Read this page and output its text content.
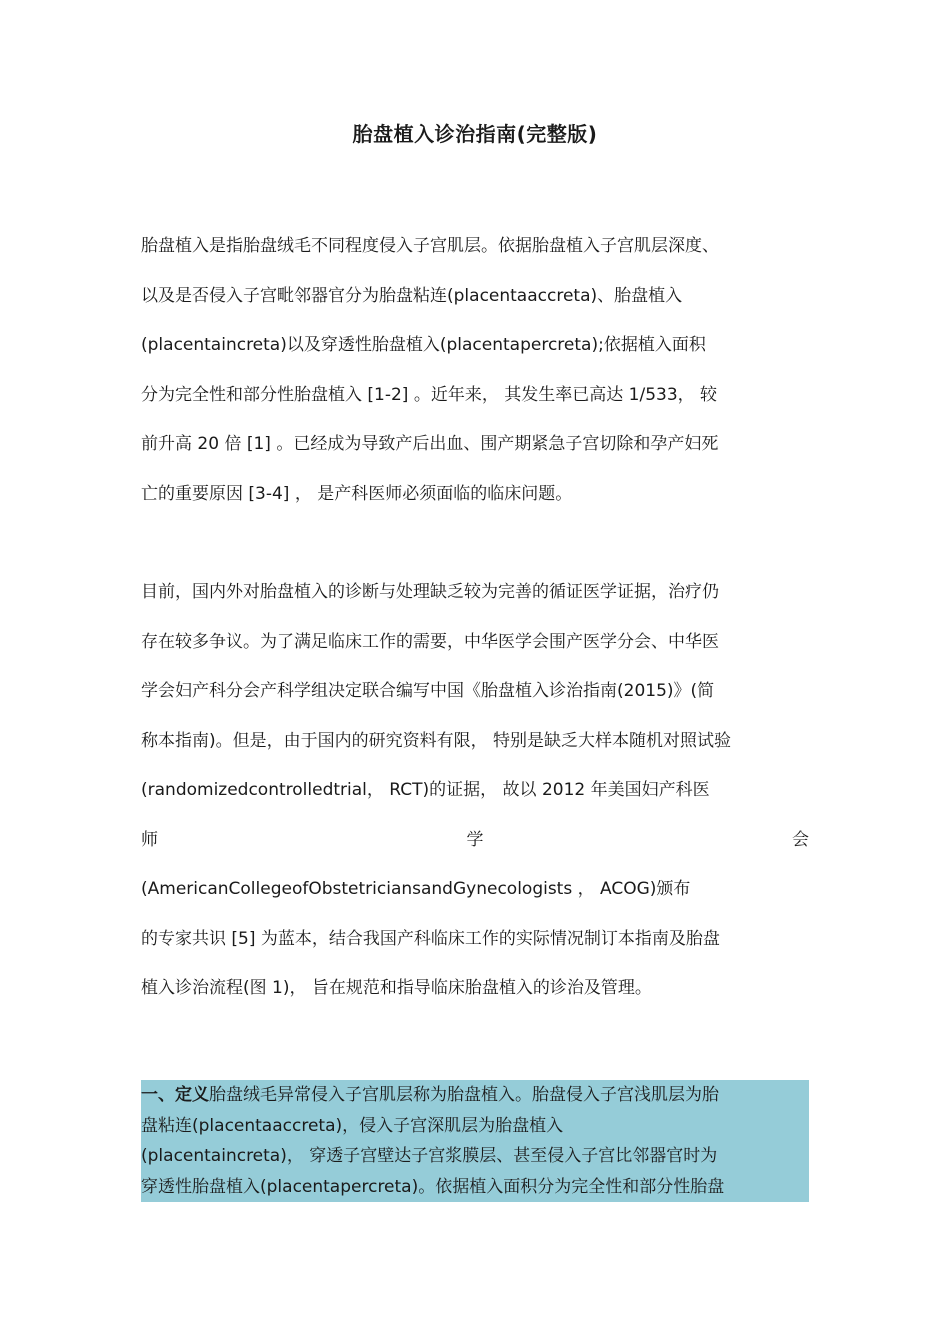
胎盘植入诊治指南(完整版)
胎盘植入是指胎盘绒毛不同程度侵入子宫肌层。依据胎盘植入子宫肌层深度、
以及是否侵入子宫毗邻器官分为胎盘粘连(placentaaccreta)、胎盘植入
(placentaincreta)以及穿透性胎盘植入(placentapercreta);依据植入面积
分为完全性和部分性胎盘植入 [1-2] 。近年来， 其发生率已高达 1/533， 较
前升高 20 倍 [1] 。已经成为导致产后出血、围产期紧急子宫切除和孕产妇死
亡的重要原因 [3-4] ， 是产科医师必须面临的临床问题。
目前，国内外对胎盘植入的诊断与处理缺乏较为完善的循证医学证据，治疗仍
存在较多争议。为了满足临床工作的需要，中华医学会围产医学分会、中华医
学会妇产科分会产科学组决定联合编写中国《胎盘植入诊治指南(2015)》(简
称本指南)。但是，由于国内的研究资料有限， 特别是缺乏大样本随机对照试验
(randomizedcontrolledtrial， RCT)的证据， 故以 2012 年美国妇产科医
师 学 会
(AmericanCollegeofObstetriciansandGynecologists ， ACOG)颁布
的专家共识 [5] 为蓝本，结合我国产科临床工作的实际情况制订本指南及胎盘
植入诊治流程(图 1)， 旨在规范和指导临床胎盘植入的诊治及管理。
一、定义胎盘绒毛异常侵入子宫肌层称为胎盘植入。胎盘侵入子宫浅肌层为胎
盘粘连(placentaaccreta)，侵入子宫深肌层为胎盘植入
(placentaincreta)， 穿透子宫壁达子宫浆膜层、甚至侵入子宫比邻器官时为
穿透性胎盘植入(placentapercreta)。依据植入面积分为完全性和部分性胎盘
